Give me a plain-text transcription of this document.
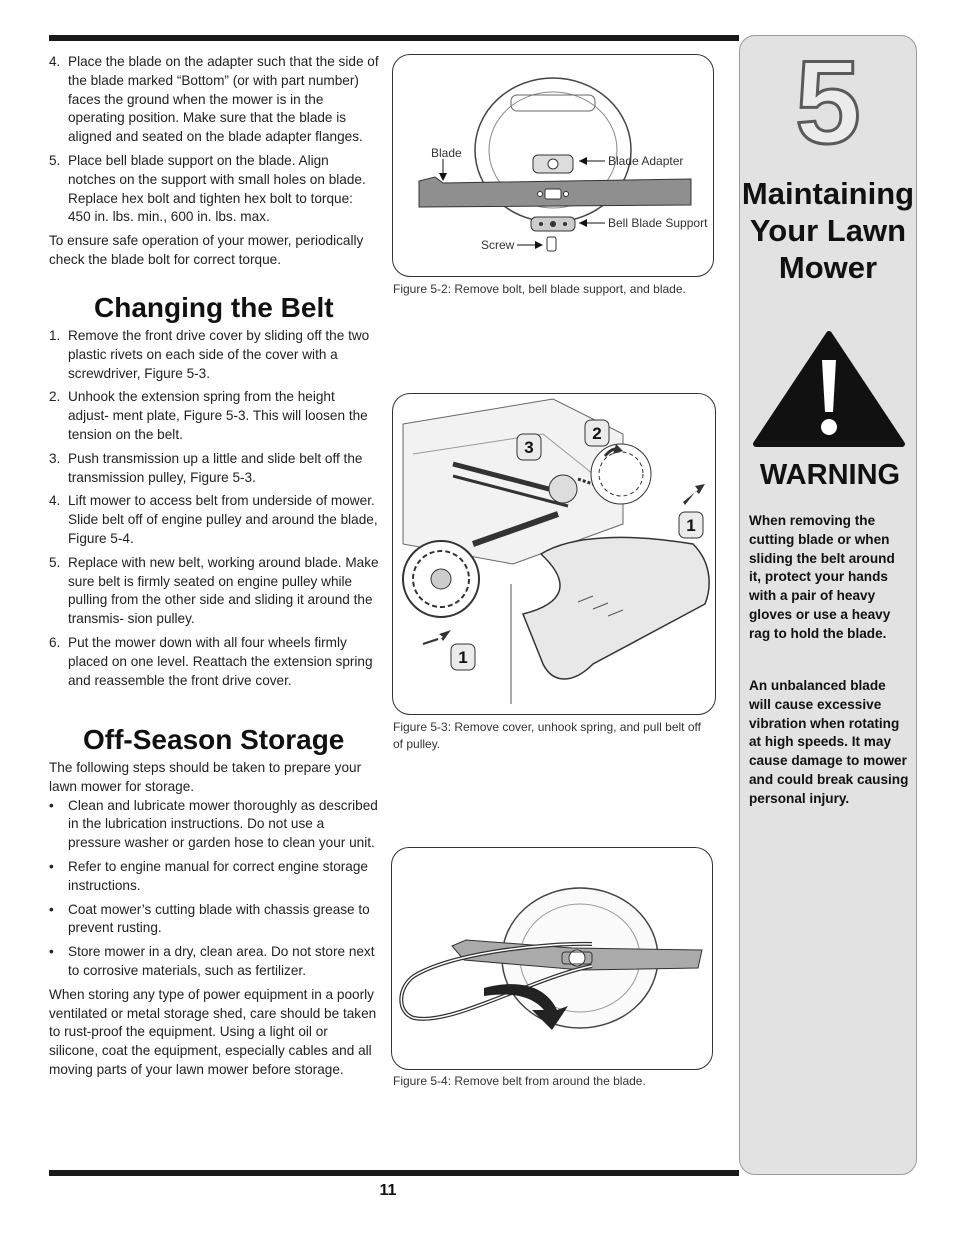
5
Maintaining
Your Lawn
Mower
WARNING

When removing the cutting blade or when sliding the belt around it, protect your hands with a pair of heavy gloves or use a heavy rag to hold the blade.

An unbalanced blade will cause excessive vibration when rotating at high speeds. It may cause damage to mower and could break causing personal injury.

4. Place the blade on the adapter such that the side of the blade marked “Bottom” (or with part number) faces the ground when the mower is in the operating position. Make sure that the blade is aligned and seated on the blade adapter flanges.
5. Place bell blade support on the blade. Align notches on the support with small holes on blade. Replace hex bolt and tighten hex bolt to torque: 450 in. lbs. min., 600 in. lbs. max.

To ensure safe operation of your mower, periodically check the blade bolt for correct torque.

Changing the Belt
1. Remove the front drive cover by sliding off the two plastic rivets on each side of the cover with a screwdriver, Figure 5-3.
2. Unhook the extension spring from the height adjust- ment plate, Figure 5-3. This will loosen the tension on the belt.
3. Push transmission up a little and slide belt off the transmission pulley, Figure 5-3.
4. Lift mower to access belt from underside of mower. Slide belt off of engine pulley and around the blade, Figure 5-4.
5. Replace with new belt, working around blade. Make sure belt is firmly seated on engine pulley while pulling from the other side and sliding it around the transmis- sion pulley.
6. Put the mower down with all four wheels firmly placed on one level. Reattach the extension spring and reassemble the front drive cover.
Off-Season Storage

The following steps should be taken to prepare your lawn mower for storage.

• Clean and lubricate mower thoroughly as described in the lubrication instructions. Do not use a pressure washer or garden hose to clean your unit.
• Refer to engine manual for correct engine storage instructions.
• Coat mower’s cutting blade with chassis grease to prevent rusting.
• Store mower in a dry, clean area. Do not store next to corrosive materials, such as fertilizer.

When storing any type of power equipment in a poorly ventilated or metal storage shed, care should be taken to rust-proof the equipment. Using a light oil or silicone, coat the equipment, especially cables and all moving parts of your lawn mower before storage.

Blade
Blade Adapter
Bell Blade Support
Screw

Figure 5-2: Remove bolt, bell blade support, and blade.

3
2
1
1

Figure 5-3: Remove cover, unhook spring, and pull belt off of pulley.

Figure 5-4: Remove belt from around the blade.

11
